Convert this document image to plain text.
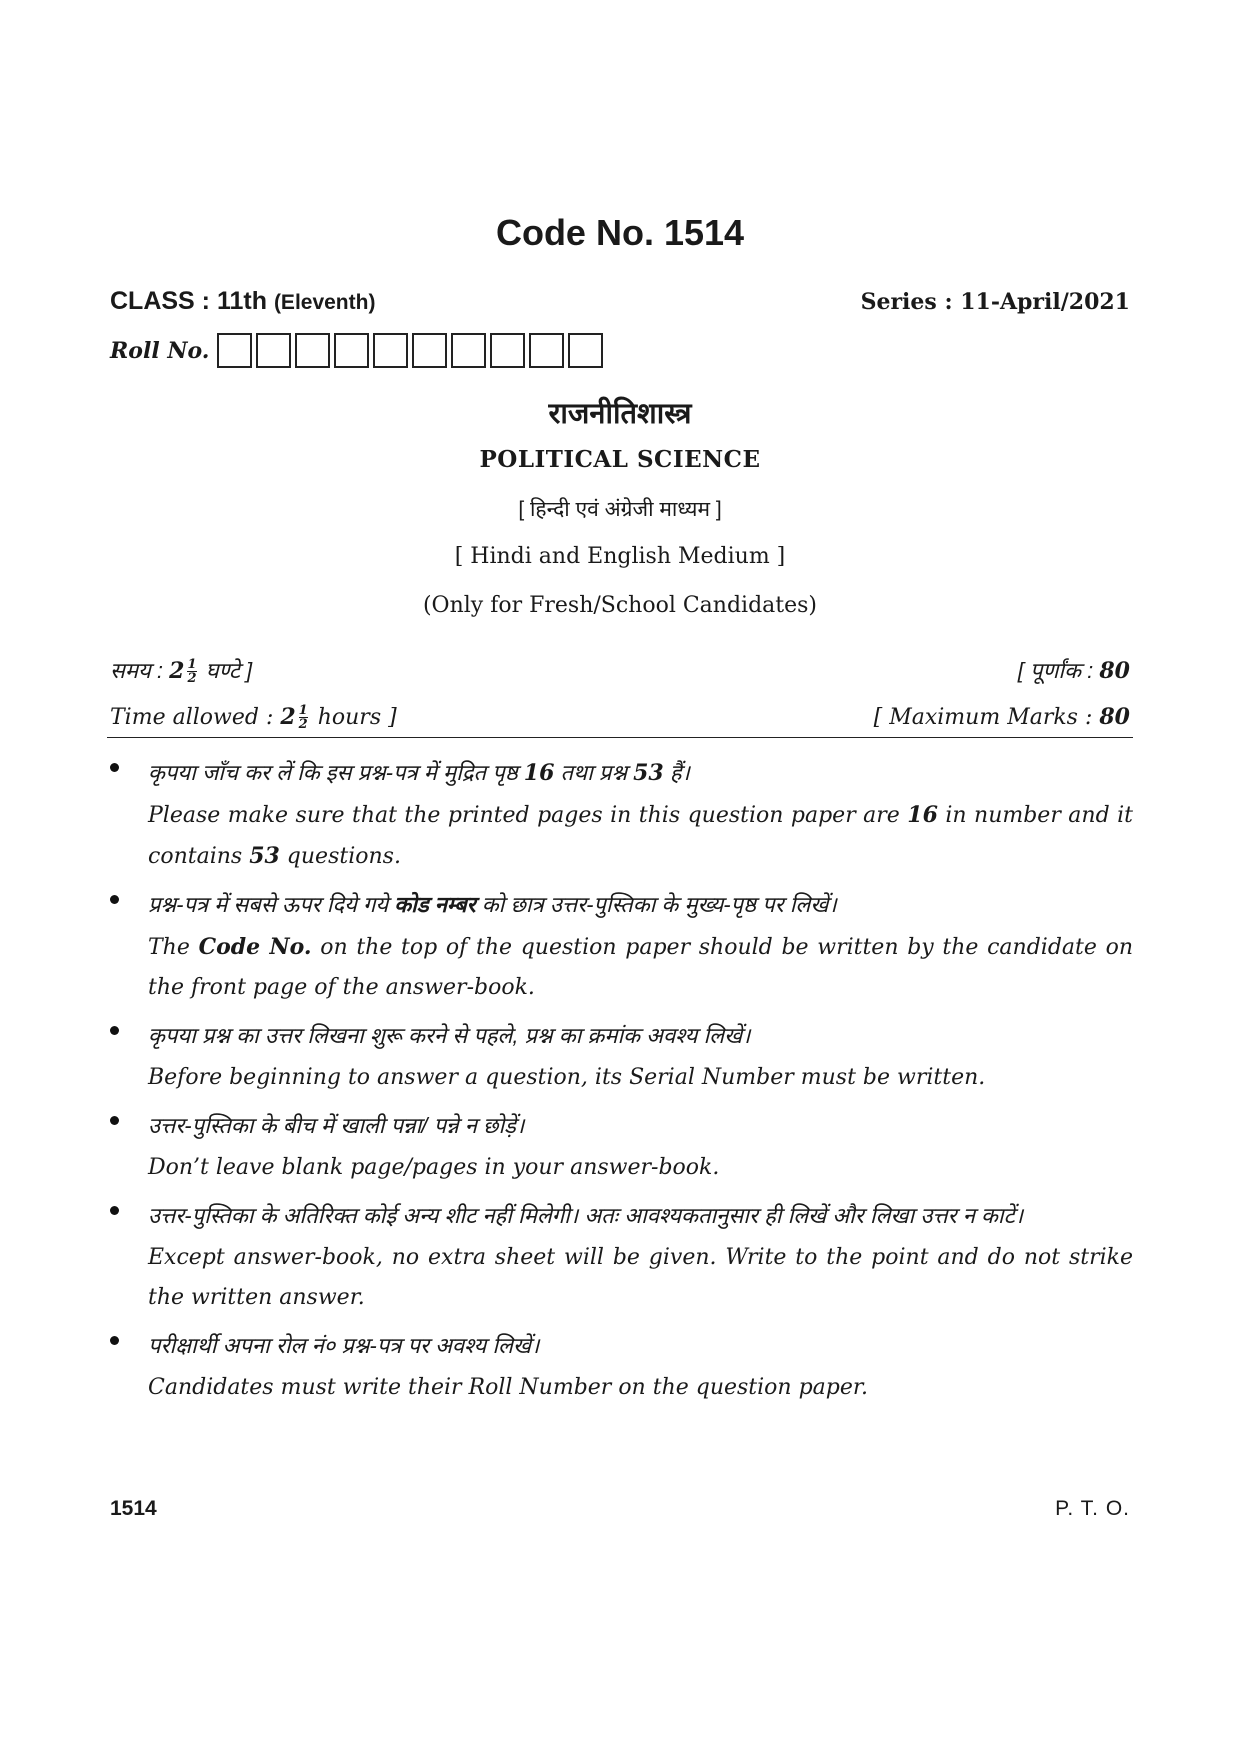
Code No. 1514
CLASS : 11th (Eleventh)	Series : 11-April/2021
Roll No.
राजनीतिशास्त्र
POLITICAL SCIENCE
[ हिन्दी एवं अंग्रेजी माध्यम ]
[ Hindi and English Medium ]
(Only for Fresh/School Candidates)
समय : $2 \frac{1}{2}$ घण्टे ]	[ पूर्णांक : 80
Time allowed : $2 \frac{1}{2}$ hours ]	[ Maximum Marks : 80
कृपया जाँच कर लें कि इस प्रश्न-पत्र में मुद्रित पृष्ठ 16 तथा प्रश्न 53 हैं।
Please make sure that the printed pages in this question paper are 16 in number and it contains 53 questions.
प्रश्न-पत्र में सबसे ऊपर दिये गये कोड नम्बर को छात्र उत्तर-पुस्तिका के मुख्य-पृष्ठ पर लिखें।
The Code No. on the top of the question paper should be written by the candidate on the front page of the answer-book.
कृपया प्रश्न का उत्तर लिखना शुरू करने से पहले, प्रश्न का क्रमांक अवश्य लिखें।
Before beginning to answer a question, its Serial Number must be written.
उत्तर-पुस्तिका के बीच में खाली पन्ना/ पन्ने न छोड़ें।
Don’t leave blank page/pages in your answer-book.
उत्तर-पुस्तिका के अतिरिक्त कोई अन्य शीट नहीं मिलेगी। अतः आवश्यकतानुसार ही लिखें और लिखा उत्तर न काटें।
Except answer-book, no extra sheet will be given. Write to the point and do not strike the written answer.
परीक्षार्थी अपना रोल नं० प्रश्न-पत्र पर अवश्य लिखें।
Candidates must write their Roll Number on the question paper.
1514	P. T. O.
